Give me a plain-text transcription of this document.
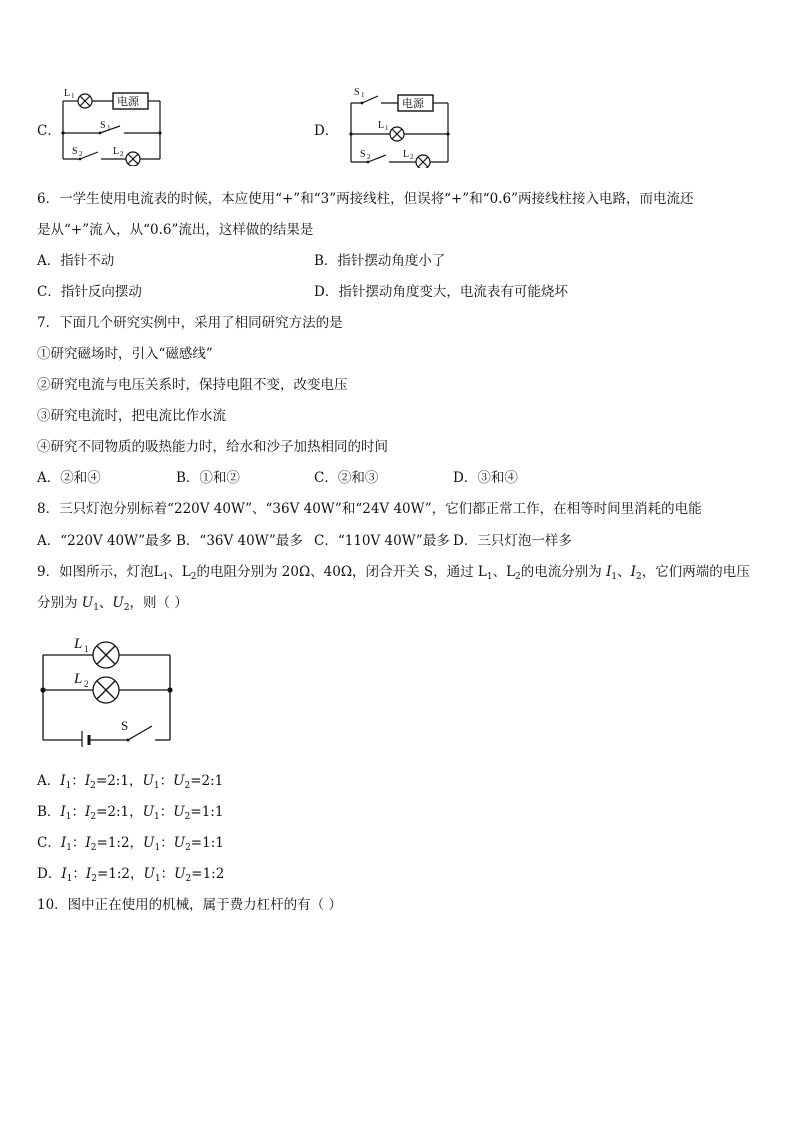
C．
电源
L 1
S 1
S 2	L 2
D．
电源
S 1
L 1
S 2	L 2
6．一学生使用电流表的时候，本应使用“+”和“3”两接线柱，但误将“+”和“0.6”两接线柱接入电路，而电流还
是从“+”流入，从“0.6”流出，这样做的结果是
A．指针不动	B．指针摆动角度小了
C．指针反向摆动	D．指针摆动角度变大，电流表有可能烧坏
7．下面几个研究实例中，采用了相同研究方法的是
①研究磁场时，引入“磁感线”
②研究电流与电压关系时，保持电阻不变，改变电压
③研究电流时，把电流比作水流
④研究不同物质的吸热能力时，给水和沙子加热相同的时间
A．②和④	B．①和②	C．②和③	D．③和④
8．三只灯泡分别标着“220V 40W”、“36V 40W”和“24V 40W”，它们都正常工作，在相等时间里消耗的电能
A．“220V 40W”最多 B．“36V 40W”最多 C．“110V 40W”最多 D．三只灯泡一样多
9．如图所示，灯泡$L_1$、$L_2$的电阻分别为 20Ω、40Ω，闭合开关 S，通过 $L_1$、$L_2$的电流分别为 $I_1$、$I_2$，它们两端的电压
分别为 $U_1$、$U_2$，则（ ）
L 1
L 2
S
A．$I_1$：$I_2=2:1$，$U_1$：$U_2=2:1$
B．$I_1$：$I_2=2:1$，$U_1$：$U_2=1:1$
C．$I_1$：$I_2=1:2$，$U_1$：$U_2=1:1$
D．$I_1$：$I_2=1:2$，$U_1$：$U_2=1:2$
10．图中正在使用的机械，属于费力杠杆的有（ ）
